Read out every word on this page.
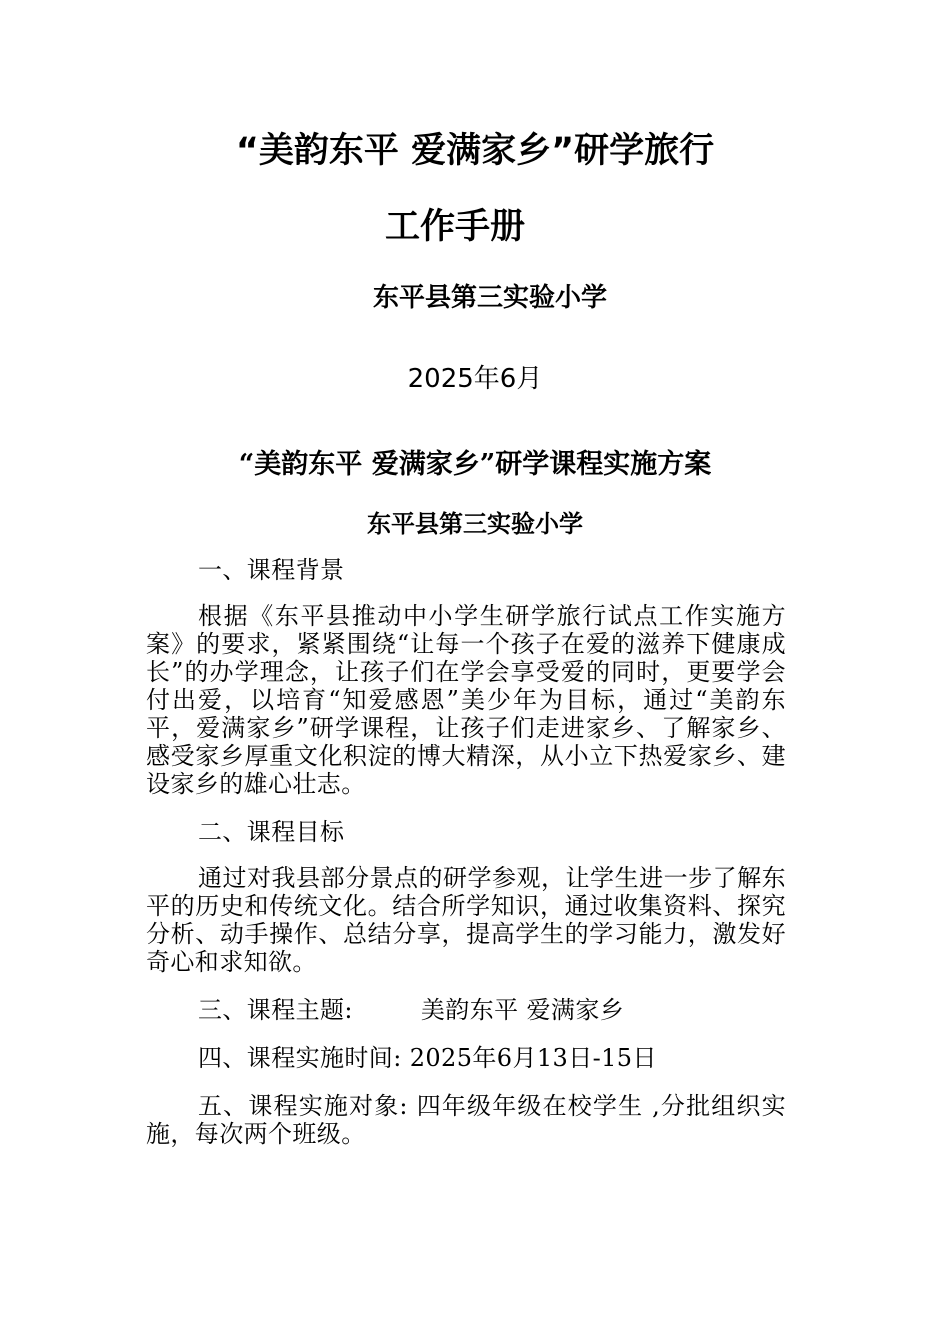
“美韵东平 爱满家乡”研学旅行
工作手册
东平县第三实验小学
2025年6月
“美韵东平 爱满家乡”研学课程实施方案
东平县第三实验小学

一、课程背景

根据《东平县推动中小学生研学旅行试点工作实施方案》的要求，紧紧围绕“让每一个孩子在爱的滋养下健康成长”的办学理念，让孩子们在学会享受爱的同时，更要学会付出爱，以培育“知爱感恩”美少年为目标，通过“美韵东平，爱满家乡”研学课程，让孩子们走进家乡、了解家乡、感受家乡厚重文化积淀的博大精深，从小立下热爱家乡、建设家乡的雄心壮志。

二、课程目标

通过对我县部分景点的研学参观，让学生进一步了解东平的历史和传统文化。结合所学知识，通过收集资料、探究分析、动手操作、总结分享，提高学生的学习能力，激发好奇心和求知欲。

三、课程主题:	美韵东平 爱满家乡

四、课程实施时间: 2025年6月13日-15日

五、课程实施对象: 四年级年级在校学生 ,分批组织实施，每次两个班级。
